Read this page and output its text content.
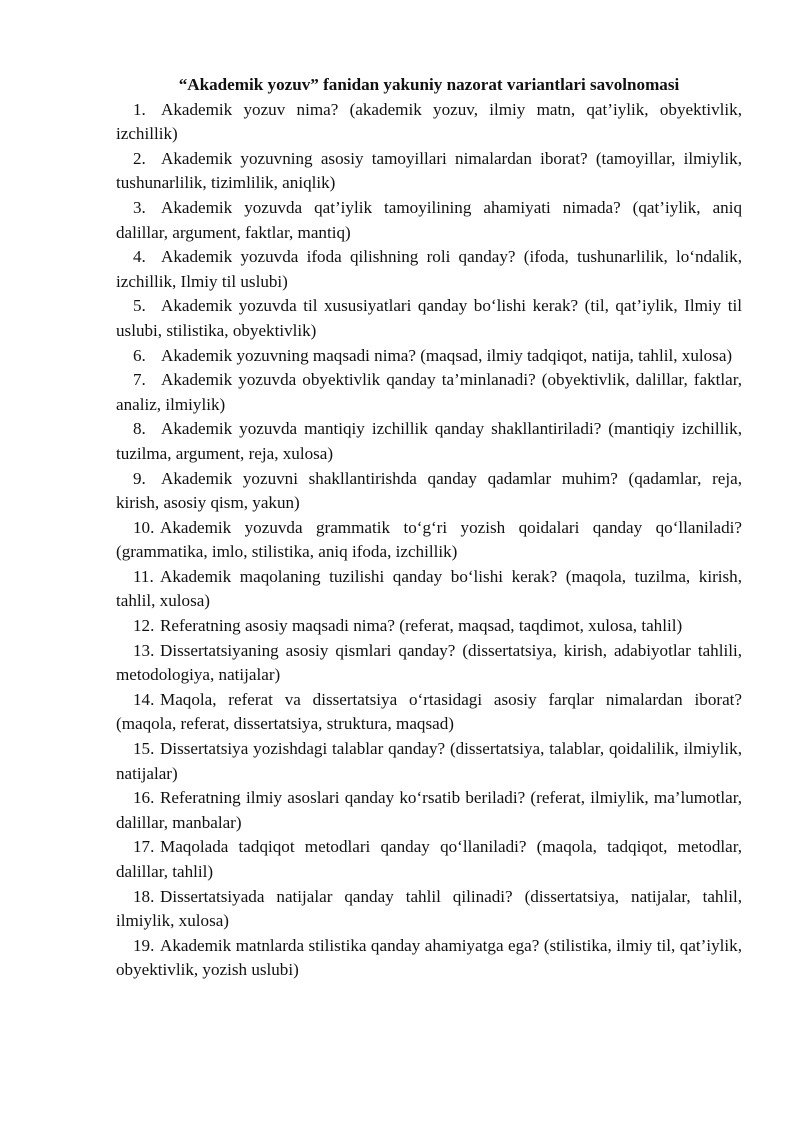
“Akademik yozuv” fanidan yakuniy nazorat variantlari savolnomasi

1. Akademik yozuv nima? (akademik yozuv, ilmiy matn, qat’iylik, obyektivlik, izchillik)

2. Akademik yozuvning asosiy tamoyillari nimalardan iborat? (tamoyillar, ilmiylik, tushunarlilik, tizimlilik, aniqlik)

3. Akademik yozuvda qat’iylik tamoyilining ahamiyati nimada? (qat’iylik, aniq dalillar, argument, faktlar, mantiq)

4. Akademik yozuvda ifoda qilishning roli qanday? (ifoda, tushunarlilik, lo‘ndalik, izchillik, Ilmiy til uslubi)

5. Akademik yozuvda til xususiyatlari qanday bo‘lishi kerak? (til, qat’iylik, Ilmiy til uslubi, stilistika, obyektivlik)

6. Akademik yozuvning maqsadi nima? (maqsad, ilmiy tadqiqot, natija, tahlil, xulosa)

7. Akademik yozuvda obyektivlik qanday ta’minlanadi? (obyektivlik, dalillar, faktlar, analiz, ilmiylik)

8. Akademik yozuvda mantiqiy izchillik qanday shakllantiriladi? (mantiqiy izchillik, tuzilma, argument, reja, xulosa)

9. Akademik yozuvni shakllantirishda qanday qadamlar muhim? (qadamlar, reja, kirish, asosiy qism, yakun)

10. Akademik yozuvda grammatik to‘g‘ri yozish qoidalari qanday qo‘llaniladi? (grammatika, imlo, stilistika, aniq ifoda, izchillik)

11. Akademik maqolaning tuzilishi qanday bo‘lishi kerak? (maqola, tuzilma, kirish, tahlil, xulosa)

12. Referatning asosiy maqsadi nima? (referat, maqsad, taqdimot, xulosa, tahlil)

13. Dissertatsiyaning asosiy qismlari qanday? (dissertatsiya, kirish, adabiyotlar tahlili, metodologiya, natijalar)

14. Maqola, referat va dissertatsiya o‘rtasidagi asosiy farqlar nimalardan iborat? (maqola, referat, dissertatsiya, struktura, maqsad)

15. Dissertatsiya yozishdagi talablar qanday? (dissertatsiya, talablar, qoidalilik, ilmiylik, natijalar)

16. Referatning ilmiy asoslari qanday ko‘rsatib beriladi? (referat, ilmiylik, ma’lumotlar, dalillar, manbalar)

17. Maqolada tadqiqot metodlari qanday qo‘llaniladi? (maqola, tadqiqot, metodlar, dalillar, tahlil)

18. Dissertatsiyada natijalar qanday tahlil qilinadi? (dissertatsiya, natijalar, tahlil, ilmiylik, xulosa)

19. Akademik matnlarda stilistika qanday ahamiyatga ega? (stilistika, ilmiy til, qat’iylik, obyektivlik, yozish uslubi)
